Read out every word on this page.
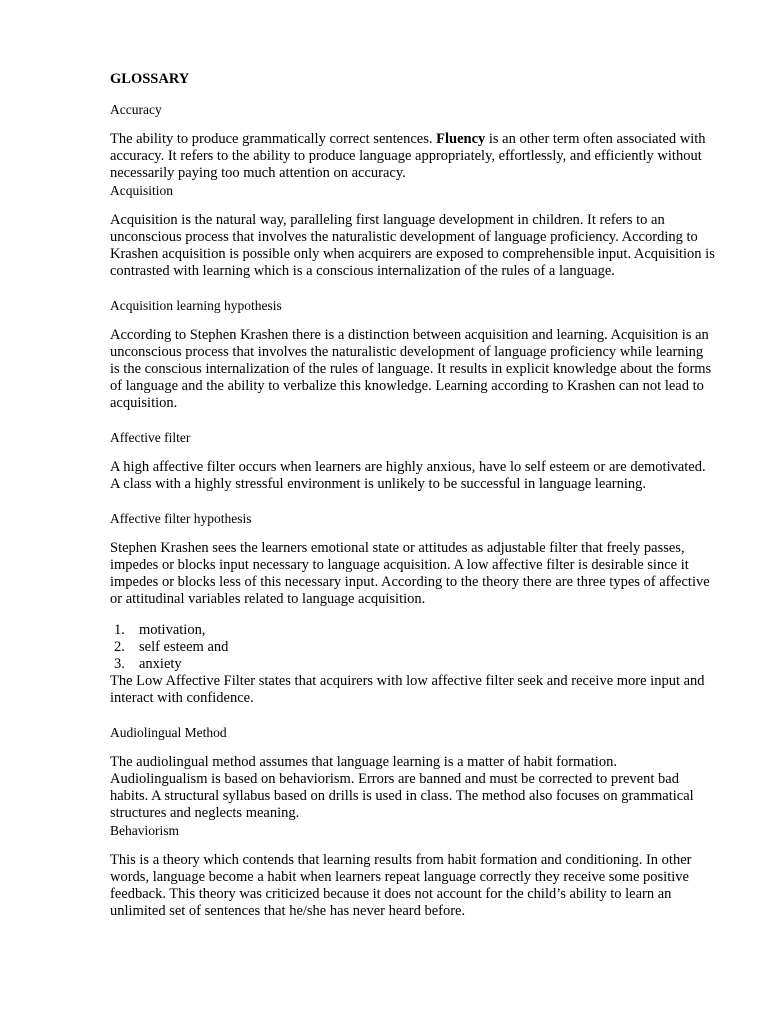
GLOSSARY
Accuracy

The ability to produce grammatically correct sentences. Fluency is an other term often associated with accuracy. It refers to the ability to produce language appropriately, effortlessly, and efficiently without necessarily paying too much attention on accuracy.

Acquisition

Acquisition is the natural way, paralleling first language development in children. It refers to an unconscious process that involves the naturalistic development of language proficiency. According to Krashen acquisition is possible only when acquirers are exposed to comprehensible input. Acquisition is contrasted with learning which is a conscious internalization of the rules of a language.

Acquisition learning hypothesis

According to Stephen Krashen there is a distinction between acquisition and learning. Acquisition is an unconscious process that involves the naturalistic development of language proficiency while learning is the conscious internalization of the rules of language. It results in explicit knowledge about the forms of language and the ability to verbalize this knowledge. Learning according to Krashen can not lead to acquisition.

Affective filter

A high affective filter occurs when learners are highly anxious, have lo self esteem or are demotivated. A class with a highly stressful environment is unlikely to be successful in language learning.

Affective filter hypothesis

Stephen Krashen sees the learners emotional state or attitudes as adjustable filter that freely passes, impedes or blocks input necessary to language acquisition. A low affective filter is desirable since it impedes or blocks less of this necessary input. According to the theory there are three types of affective or attitudinal variables related to language acquisition.

1. motivation,
2. self esteem and
3. anxiety

The Low Affective Filter states that acquirers with low affective filter seek and receive more input and interact with confidence.

Audiolingual Method

The audiolingual method assumes that language learning is a matter of habit formation. Audiolingualism is based on behaviorism. Errors are banned and must be corrected to prevent bad habits. A structural syllabus based on drills is used in class. The method also focuses on grammatical structures and neglects meaning.

Behaviorism

This is a theory which contends that learning results from habit formation and conditioning. In other words, language become a habit when learners repeat language correctly they receive some positive feedback. This theory was criticized because it does not account for the child’s ability to learn an unlimited set of sentences that he/she has never heard before.
